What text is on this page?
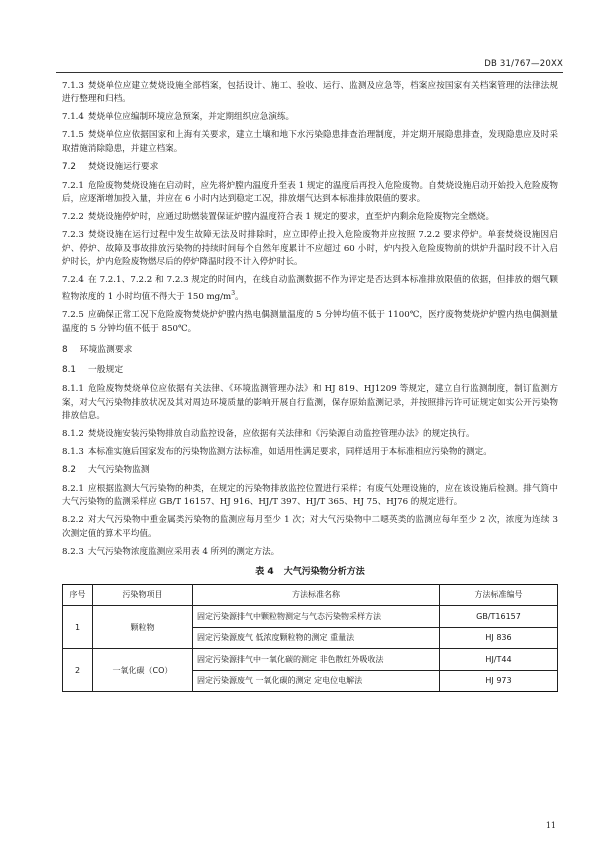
DB 31/767—20XX

7.1.3 焚烧单位应建立焚烧设施全部档案，包括设计、施工、验收、运行、监测及应急等，档案应按国家有关档案管理的法律法规进行整理和归档。

7.1.4 焚烧单位应编制环境应急预案，并定期组织应急演练。

7.1.5 焚烧单位应依据国家和上海有关要求，建立土壤和地下水污染隐患排查治理制度，并定期开展隐患排查，发现隐患应及时采取措施消除隐患，并建立档案。

7.2 焚烧设施运行要求

7.2.1 危险废物焚烧设施在启动时，应先将炉膛内温度升至表 1 规定的温度后再投入危险废物。自焚烧设施启动开始投入危险废物后，应逐渐增加投入量，并应在 6 小时内达到稳定工况，排放烟气达到本标准排放限值的要求。

7.2.2 焚烧设施停炉时，应通过助燃装置保证炉膛内温度符合表 1 规定的要求，直至炉内剩余危险废物完全燃烧。

7.2.3 焚烧设施在运行过程中发生故障无法及时排除时，应立即停止投入危险废物并应按照 7.2.2 要求停炉。单套焚烧设施因启炉、停炉、故障及事故排放污染物的持续时间每个自然年度累计不应超过 60 小时，炉内投入危险废物前的烘炉升温时段不计入启炉时长，炉内危险废物燃尽后的停炉降温时段不计入停炉时长。

7.2.4 在 7.2.1、7.2.2 和 7.2.3 规定的时间内，在线自动监测数据不作为评定是否达到本标准排放限值的依据，但排放的烟气颗粒物浓度的 1 小时均值不得大于 150 $mg/m^3$。

7.2.5 应确保正常工况下危险废物焚烧炉炉膛内热电偶测量温度的 5 分钟均值不低于 1100℃，医疗废物焚烧炉炉膛内热电偶测量温度的 5 分钟均值不低于 850℃。

8 环境监测要求
8.1 一般规定

8.1.1 危险废物焚烧单位应依据有关法律、《环境监测管理办法》和 HJ 819、HJ1209 等规定，建立自行监测制度，制订监测方案，对大气污染物排放状况及其对周边环境质量的影响开展自行监测，保存原始监测记录，并按照排污许可证规定如实公开污染物排放信息。

8.1.2 焚烧设施安装污染物排放自动监控设备，应依据有关法律和《污染源自动监控管理办法》的规定执行。

8.1.3 本标准实施后国家发布的污染物监测方法标准，如适用性满足要求，同样适用于本标准相应污染物的测定。

8.2 大气污染物监测

8.2.1 应根据监测大气污染物的种类，在规定的污染物排放监控位置进行采样；有废气处理设施的，应在该设施后检测。排气筒中大气污染物的监测采样应 GB/T 16157、HJ 916、HJ/T 397、HJ/T 365、HJ 75、HJ76 的规定进行。

8.2.2 对大气污染物中重金属类污染物的监测应每月至少 1 次；对大气污染物中二噁英类的监测应每年至少 2 次，浓度为连续 3 次测定值的算术平均值。

8.2.3 大气污染物浓度监测应采用表 4 所列的测定方法。

表 4 大气污染物分析方法
序号	污染物项目	方法标准名称	方法标准编号
1	颗粒物	固定污染源排气中颗粒物测定与气态污染物采样方法	GB/T16157
		固定污染源废气 低浓度颗粒物的测定 重量法	HJ 836
2	一氧化碳（CO）	固定污染源排气中一氧化碳的测定 非色散红外吸收法	HJ/T44
		固定污染源废气 一氧化碳的测定 定电位电解法	HJ 973
11
